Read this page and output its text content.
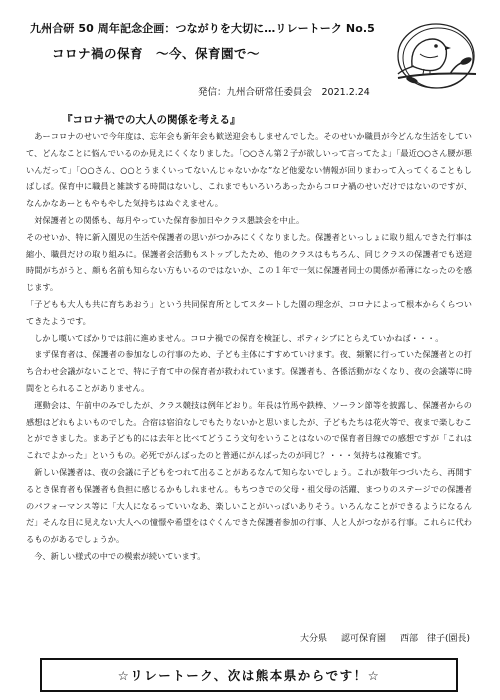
九州合研 50 周年記念企画：つながりを大切に…リレートーク No.5
コロナ禍の保育　～今、保育園で～
発信：九州合研常任委員会　2021.2.24
『コロナ禍での大人の関係を考える』

　あーコロナのせいで今年度は、忘年会も新年会も歓送迎会もしませんでした。そのせいか職員が今どんな生活をしていて、どんなことに悩んでいるのか見えにくくなりました。「○○さん第２子が欲しいって言ってたよ」「最近○○さん腰が悪いんだって」「○○さん、○○とうまくいってないんじゃないかな”など他愛ない情報が回りまわって入ってくることもしばしば。保育中に職員と雑談する時間はないし、これまでもいろいろあったからコロナ禍のせいだけではないのですが、なんかなあーともやもやした気持ちはぬぐえません。

　対保護者との関係も、毎月やっていた保育参加日やクラス懇談会を中止。

そのせいか、特に新入園児の生活や保護者の思いがつかみにくくなりました。保護者といっしょに取り組んできた行事は縮小、職員だけの取り組みに。保護者会活動もストップしたため、他のクラスはもちろん、同じクラスの保護者でも送迎時間がちがうと、顔も名前も知らない方もいるのではないか、この１年で一気に保護者同士の関係が希薄になったのを感じます。

「子どもも大人も共に育ちあおう」という共同保育所としてスタートした園の理念が、コロナによって根本からくらついてきたようです。

　しかし嘆いてばかりでは前に進めません。コロナ禍での保育を検証し、ポティシブにとらえていかねば・・・。

　まず保育者は、保護者の参加なしの行事のため、子ども主体にすすめていけます。夜、頻繁に行っていた保護者との打ち合わせ会議がないことで、特に子育て中の保育者が救われています。保護者も、各係活動がなくなり、夜の会議等に時間をとられることがありません。

　運動会は、午前中のみでしたが、クラス競技は例年どおり。年長は竹馬や鉄棒、ソーラン節等を披露し、保護者からの感想はどれもよいものでした。合宿は宿泊なしでもたりないかと思いましたが、子どもたちは花火等で、夜まで楽しむことができました。まあ子ども的には去年と比べてどうこう文句をいうことはないので保育者目線での感想ですが「これはこれでよかった」というもの。必死でがんばったのと普通にがんばったのが同じ？・・・気持ちは複雑です。

　新しい保護者は、夜の会議に子どもをつれて出ることがあるなんて知らないでしょう。これが数年つづいたら、再開するとき保育者も保護者も負担に感じるかもしれません。もちつきでの父母・祖父母の活躍、まつりのステージでの保護者のパフォーマンス等に「大人になるっていいなあ、楽しいことがいっぱいありそう。いろんなことができるようになるんだ」そんな目に見えない大人への憧憬や希望をはぐくんできた保護者参加の行事、人と人がつながる行事。これらに代わるものがあるでしょうか。

　今、新しい様式の中での模索が続いています。

大分県 認可保育園 西部　律子(園長)
☆リレートーク、次は熊本県からです！☆
